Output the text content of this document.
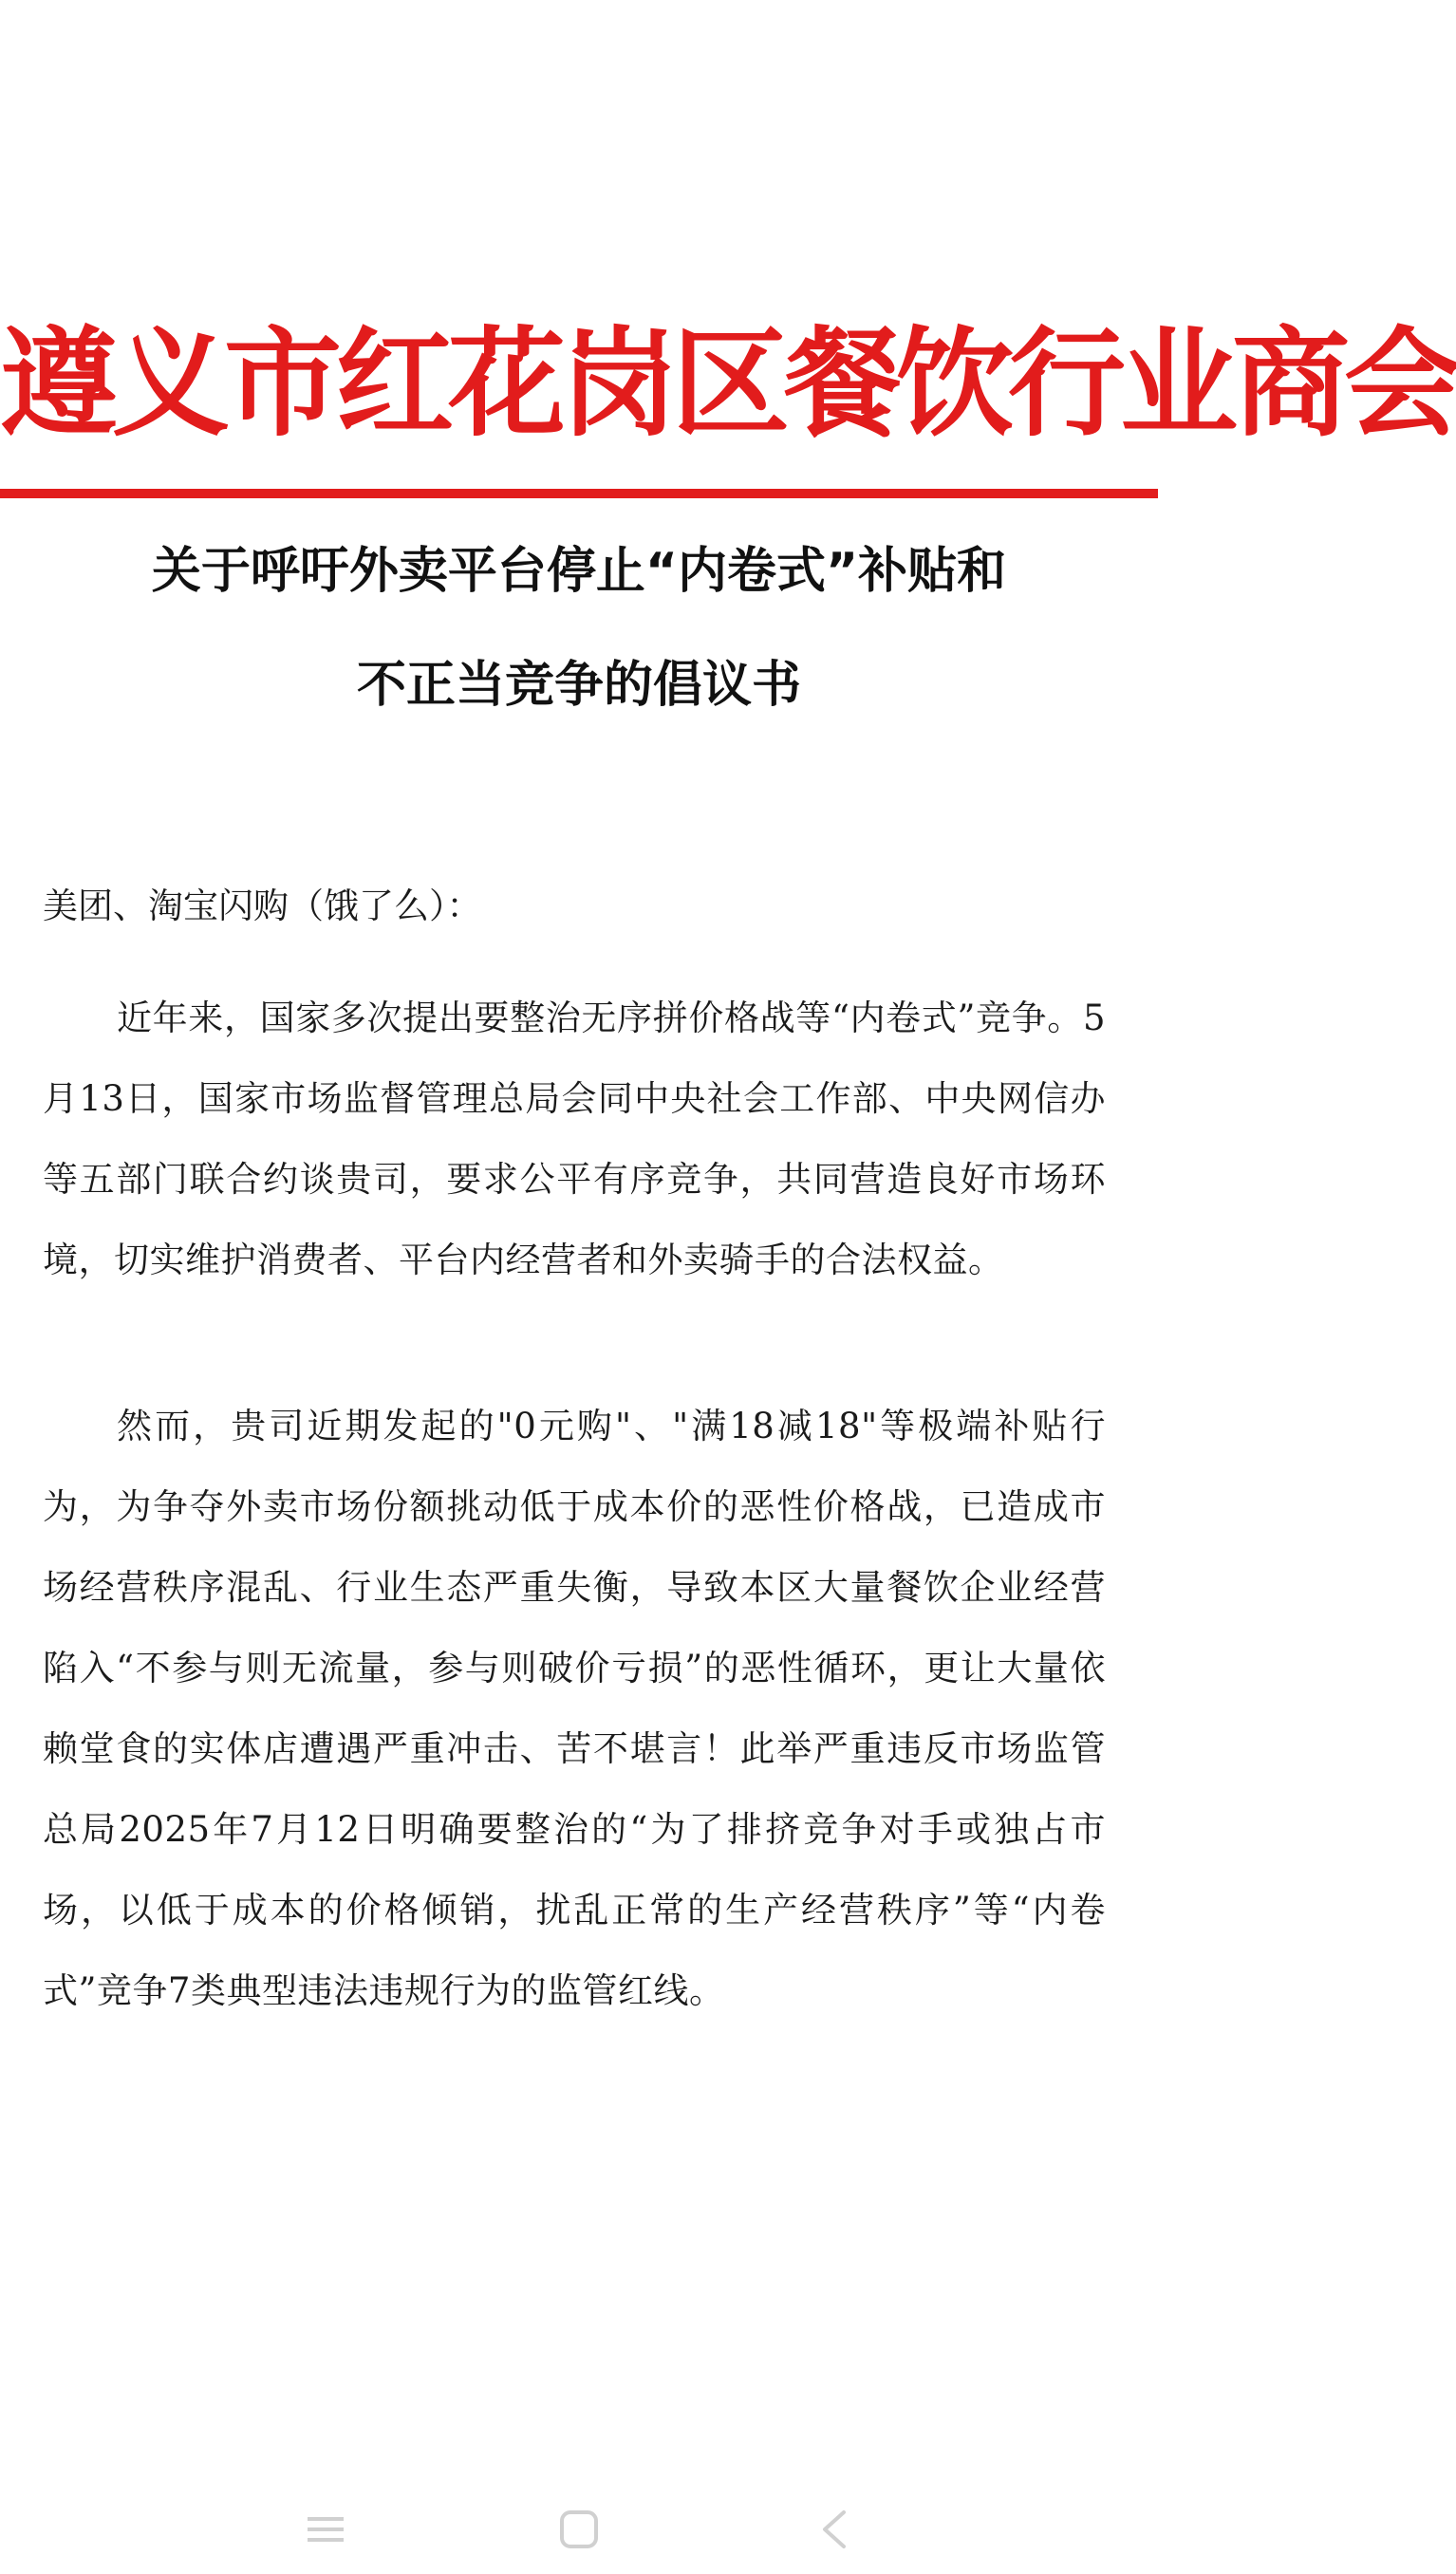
遵义市红花岗区餐饮行业商会
关于呼吁外卖平台停止“内卷式”补贴和
不正当竞争的倡议书
美团、淘宝闪购（饿了么）：
近年来，国家多次提出要整治无序拼价格战等“内卷式”竞争。5月13日，国家市场监督管理总局会同中央社会工作部、中央网信办等五部门联合约谈贵司，要求公平有序竞争，共同营造良好市场环境，切实维护消费者、平台内经营者和外卖骑手的合法权益。
然而，贵司近期发起的"0元购"、"满18减18"等极端补贴行为，为争夺外卖市场份额挑动低于成本价的恶性价格战，已造成市场经营秩序混乱、行业生态严重失衡，导致本区大量餐饮企业经营陷入“不参与则无流量，参与则破价亏损”的恶性循环，更让大量依赖堂食的实体店遭遇严重冲击、苦不堪言！此举严重违反市场监管总局2025年7月12日明确要整治的“为了排挤竞争对手或独占市场，以低于成本的价格倾销，扰乱正常的生产经营秩序”等“内卷式”竞争7类典型违法违规行为的监管红线。
